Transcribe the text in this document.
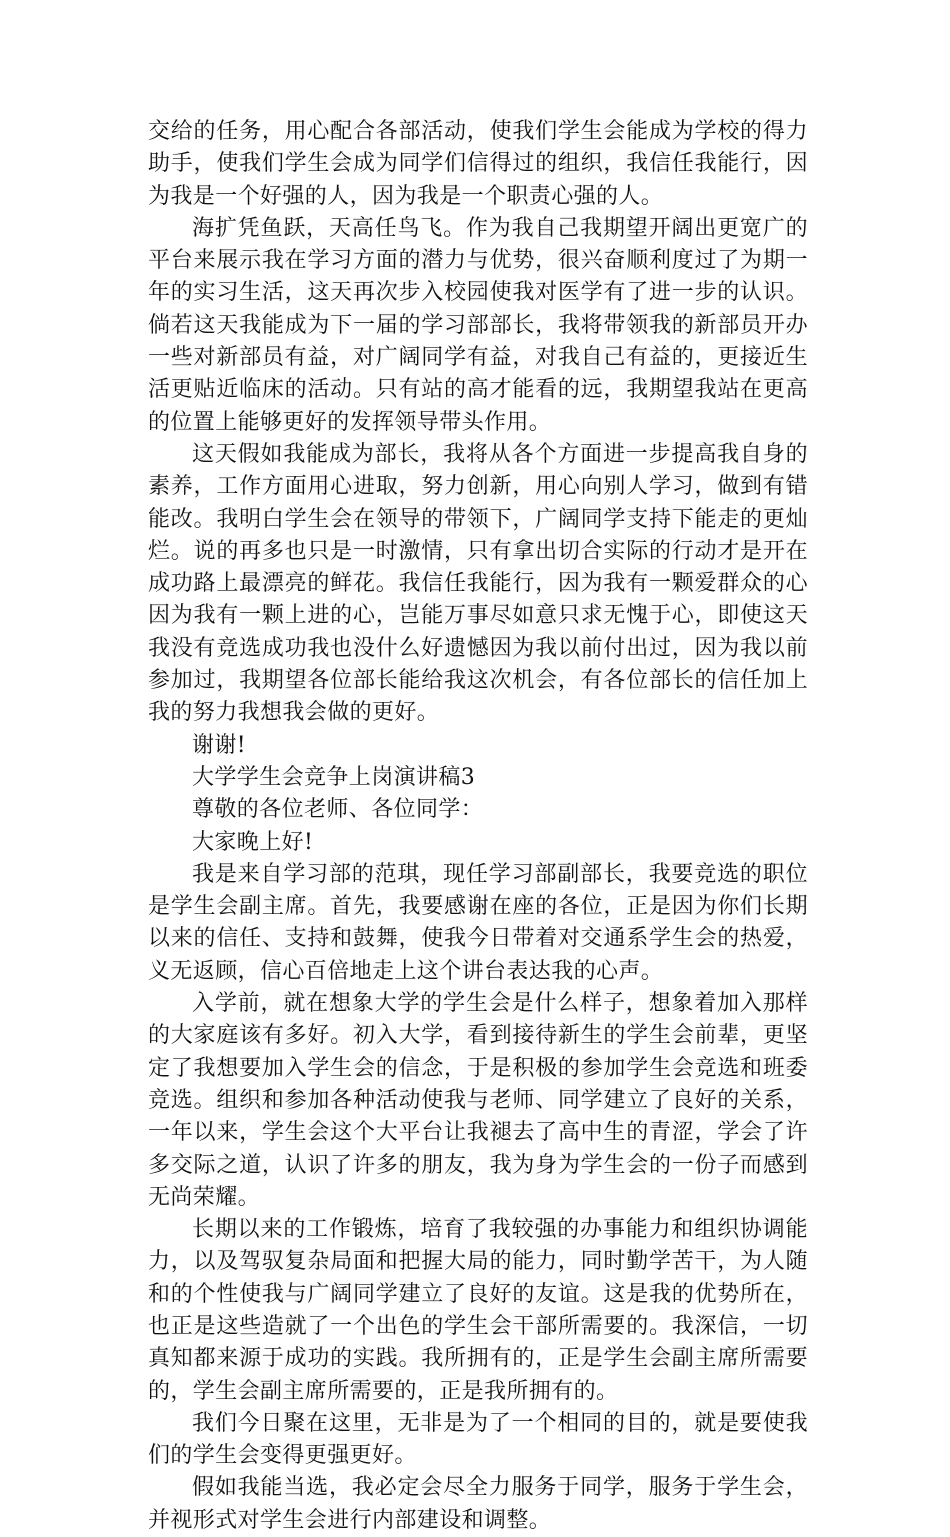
交给的任务，用心配合各部活动，使我们学生会能成为学校的得力助手，使我们学生会成为同学们信得过的组织，我信任我能行，因为我是一个好强的人，因为我是一个职责心强的人。

海扩凭鱼跃，天高任鸟飞。作为我自己我期望开阔出更宽广的平台来展示我在学习方面的潜力与优势，很兴奋顺利度过了为期一年的实习生活，这天再次步入校园使我对医学有了进一步的认识。倘若这天我能成为下一届的学习部部长，我将带领我的新部员开办一些对新部员有益，对广阔同学有益，对我自己有益的，更接近生活更贴近临床的活动。只有站的高才能看的远，我期望我站在更高的位置上能够更好的发挥领导带头作用。

这天假如我能成为部长，我将从各个方面进一步提高我自身的素养，工作方面用心进取，努力创新，用心向别人学习，做到有错能改。我明白学生会在领导的带领下，广阔同学支持下能走的更灿烂。说的再多也只是一时激情，只有拿出切合实际的行动才是开在成功路上最漂亮的鲜花。我信任我能行，因为我有一颗爱群众的心因为我有一颗上进的心，岂能万事尽如意只求无愧于心，即使这天我没有竞选成功我也没什么好遗憾因为我以前付出过，因为我以前参加过，我期望各位部长能给我这次机会，有各位部长的信任加上我的努力我想我会做的更好。

谢谢!

大学学生会竞争上岗演讲稿3

尊敬的各位老师、各位同学：

大家晚上好!

我是来自学习部的范琪，现任学习部副部长，我要竞选的职位是学生会副主席。首先，我要感谢在座的各位，正是因为你们长期以来的信任、支持和鼓舞，使我今日带着对交通系学生会的热爱，义无返顾，信心百倍地走上这个讲台表达我的心声。

入学前，就在想象大学的学生会是什么样子，想象着加入那样的大家庭该有多好。初入大学，看到接待新生的学生会前辈，更坚定了我想要加入学生会的信念，于是积极的参加学生会竞选和班委竞选。组织和参加各种活动使我与老师、同学建立了良好的关系，一年以来，学生会这个大平台让我褪去了高中生的青涩，学会了许多交际之道，认识了许多的朋友，我为身为学生会的一份子而感到无尚荣耀。

长期以来的工作锻炼，培育了我较强的办事能力和组织协调能力，以及驾驭复杂局面和把握大局的能力，同时勤学苦干，为人随和的个性使我与广阔同学建立了良好的友谊。这是我的优势所在，也正是这些造就了一个出色的学生会干部所需要的。我深信，一切真知都来源于成功的实践。我所拥有的，正是学生会副主席所需要的，学生会副主席所需要的，正是我所拥有的。

我们今日聚在这里，无非是为了一个相同的目的，就是要使我们的学生会变得更强更好。

假如我能当选，我必定会尽全力服务于同学，服务于学生会，并视形式对学生会进行内部建设和调整。
